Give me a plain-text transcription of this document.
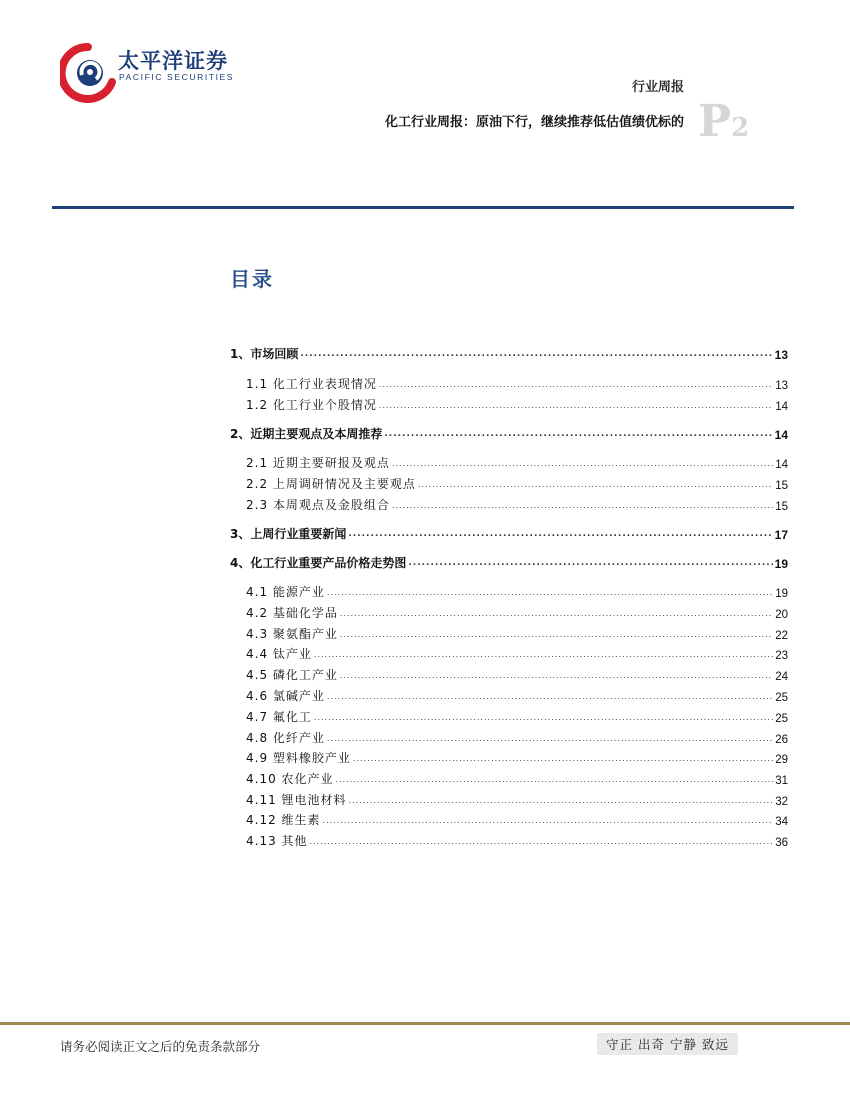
太平洋证券
PACIFIC SECURITIES
行业周报
化工行业周报：原油下行，继续推荐低估值绩优标的 P2
目录
1、市场回顾 .....	13
1.1 化工行业表现情况 .....	13
1.2 化工行业个股情况 .....	14
2、近期主要观点及本周推荐 .....	14
2.1 近期主要研报及观点 .....	14
2.2 上周调研情况及主要观点 .....	15
2.3 本周观点及金股组合 .....	15
3、上周行业重要新闻 .....	17
4、化工行业重要产品价格走势图 .....	19
4.1 能源产业 .....	19
4.2 基础化学品 .....	20
4.3 聚氨酯产业 .....	22
4.4 钛产业 .....	23
4.5 磷化工产业 .....	24
4.6 氯碱产业 .....	25
4.7 氟化工 .....	25
4.8 化纤产业 .....	26
4.9 塑料橡胶产业 .....	29
4.10 农化产业 .....	31
4.11 锂电池材料 .....	32
4.12 维生素 .....	34
4.13 其他 .....	36
请务必阅读正文之后的免责条款部分	守正 出奇 宁静 致远
